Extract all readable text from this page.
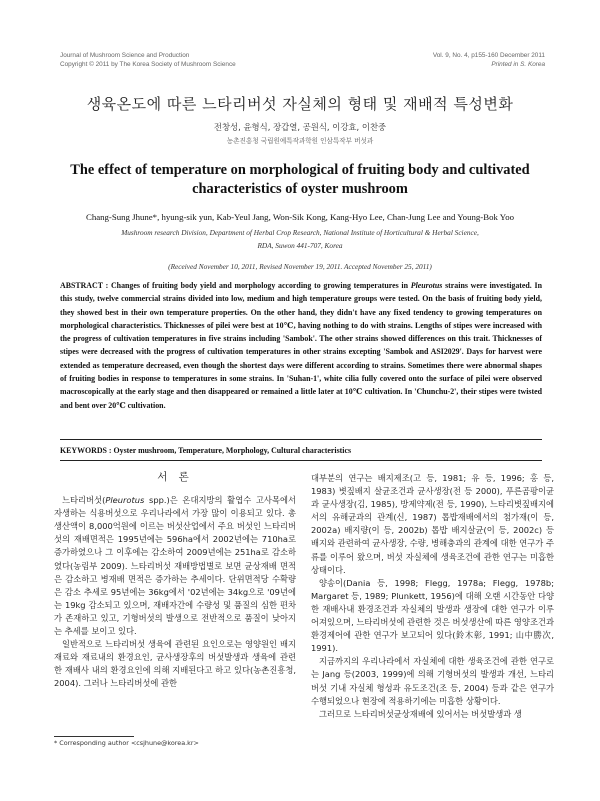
Journal of Mushroom Science and Production
Copyright © 2011 by The Korea Society of Mushroom Science
Vol. 9, No. 4, p155-160 December 2011
Printed in S. Korea
생육온도에 따른 느타리버섯 자실체의 형태 및 재배적 특성변화
전창성, 윤형식, 장갑열, 공원식, 이강효, 이찬중
농촌진흥청 국립원예특작과학원 인삼특작부 버섯과
The effect of temperature on morphological of fruiting body and cultivated
characteristics of oyster mushroom
Chang-Sung Jhune*, hyung-sik yun, Kab-Yeul Jang, Won-Sik Kong, Kang-Hyo Lee, Chan-Jung Lee and Young-Bok Yoo
Mushroom research Division, Department of Herbal Crop Research, National Institute of Horticultural & Herbal Science,
RDA, Suwon 441-707, Korea
(Received November 10, 2011, Revised November 19, 2011. Accepted November 25, 2011)

ABSTRACT : Changes of fruiting body yield and morphology according to growing temperatures in Pleurotus strains were investigated. In this study, twelve commercial strains divided into low, medium and high temperature groups were tested. On the basis of fruiting body yield, they showed best in their own temperature properties. On the other hand, they didn't have any fixed tendency to growing temperatures on morphological characteristics. Thicknesses of pilei were best at 10℃, having nothing to do with strains. Lengths of stipes were increased with the progress of cultivation temperatures in five strains including 'Sambok'. The other strains showed differences on this trait. Thicknesses of stipes were decreased with the progress of cultivation temperatures in other strains excepting 'Sambok and ASI2029'. Days for harvest were extended as temperature decreased, even though the shortest days were different according to strains. Sometimes there were abnormal shapes of fruiting bodies in response to temperatures in some strains. In 'Suhan-1', white cilia fully covered onto the surface of pilei were observed macroscopically at the early stage and then disappeared or remained a little later at 10℃ cultivation. In 'Chunchu-2', their stipes were twisted and bent over 20℃ cultivation.

KEYWORDS : Oyster mushroom, Temperature, Morphology, Cultural characteristics
서 론

느타리버섯(Pleurotus spp.)은 온대지방의 활엽수 고사목에서 자생하는 식용버섯으로 우리나라에서 가장 많이 이용되고 있다. 총생산액이 8,000억원에 이르는 버섯산업에서 주요 버섯인 느타리버섯의 재배면적은 1995년에는 596ha에서 2002년에는 710ha로 증가하였으나 그 이후에는 감소하여 2009년에는 251ha로 감소하였다(농림부 2009). 느타리버섯 재배방법별로 보면 균상재배 면적은 감소하고 병재배 면적은 증가하는 추세이다. 단위면적당 수확량은 감소 추세로 95년에는 36kg에서 '02년에는 34kg으로 '09년에는 19kg 감소되고 있으며, 재배자간에 수량성 및 품질의 심한 편차가 존재하고 있고, 기형버섯의 발생으로 전반적으로 품질이 낮아지는 추세를 보이고 있다.

일반적으로 느타리버섯 생육에 관련된 요인으로는 영양원인 배지재료와 재료내의 환경요인, 균사생장후의 버섯발생과 생육에 관련한 재배사 내의 환경요인에 의해 지배된다고 하고 있다(농촌진흥청, 2004). 그러나 느타리버섯에 관한

대부분의 연구는 배지제조(고 등, 1981; 유 등, 1996; 홍 등, 1983) 볏짚배지 살균조건과 균사생장(전 등 2000), 푸른곰팡이균과 균사생장(김, 1985), 방제약제(전 등, 1990), 느타리볏짚배지에서의 유해균과의 관계(신, 1987) 톱밥재배에서의 첨가재(이 등, 2002a) 배지량(이 등, 2002b) 톱밥 배지살균(이 등, 2002c) 등 배지와 관련하여 균사생장, 수량, 병해충과의 관계에 대한 연구가 주류를 이루어 왔으며, 버섯 자실체에 생육조건에 관한 연구는 미흡한 상태이다.

양송이(Dania 등, 1998; Flegg, 1978a; Flegg, 1978b; Margaret 등, 1989; Plunkett, 1956)에 대해 오랜 시간동안 다양한 재배사내 환경조건과 자실체의 발생과 생장에 대한 연구가 이루어져있으며, 느타리버섯에 관련한 것은 버섯생산에 따른 영양조건과 환경제어에 관한 연구가 보고되어 있다(鈴木彰, 1991; 山中勝次, 1991).

지금까지의 우리나라에서 자실체에 대한 생육조건에 관한 연구로는 Jang 등(2003, 1999)에 의해 기형버섯의 발생과 개선, 느타리버섯 기내 자실체 형성과 유도조건(조 등, 2004) 등과 같은 연구가 수행되었으나 현장에 적용하기에는 미흡한 상황이다.

그러므로 느타리버섯균상재배에 있어서는 버섯발생과 생

* Corresponding author <csjhune@korea.kr>
